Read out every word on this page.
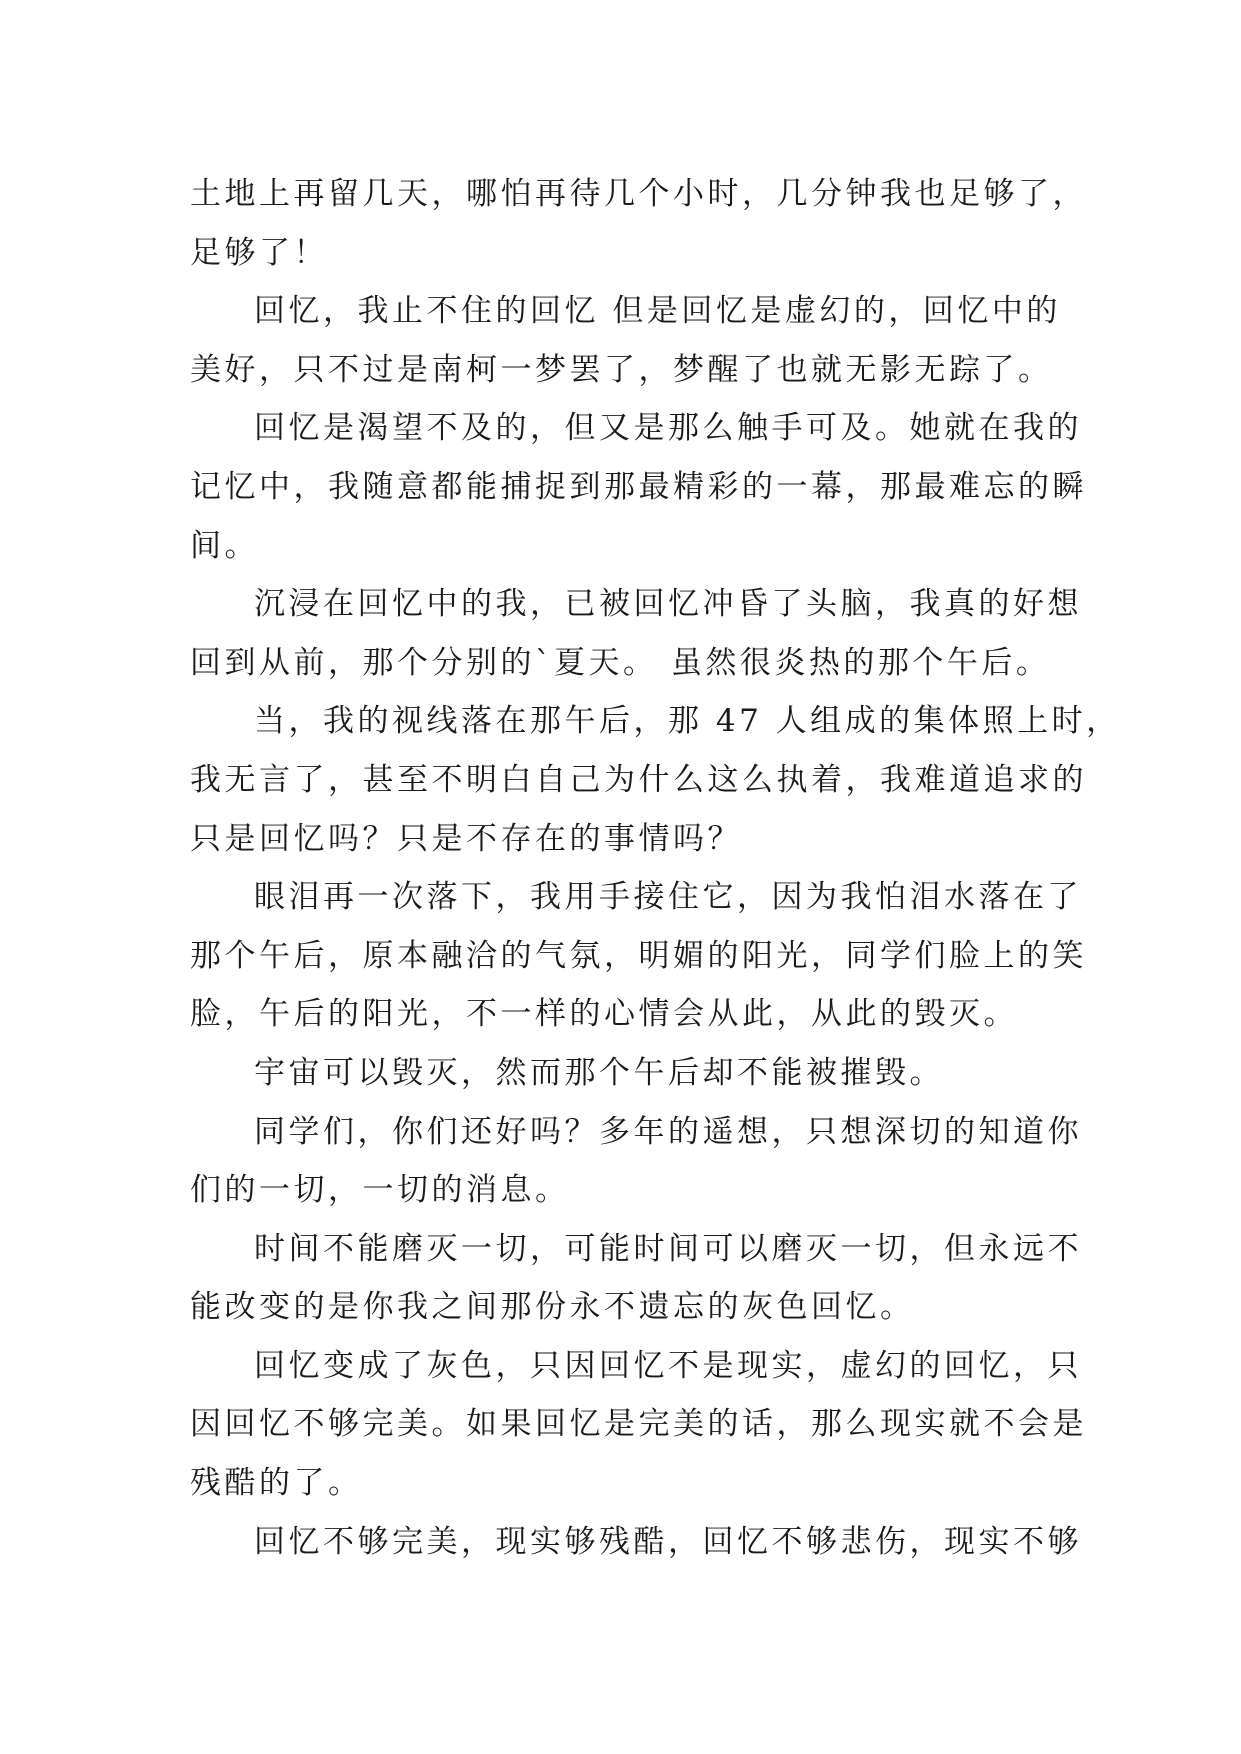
土地上再留几天，哪怕再待几个小时，几分钟我也足够了，
足够了！
回忆，我止不住的回忆 但是回忆是虚幻的，回忆中的
美好，只不过是南柯一梦罢了，梦醒了也就无影无踪了。
回忆是渴望不及的，但又是那么触手可及。她就在我的
记忆中，我随意都能捕捉到那最精彩的一幕，那最难忘的瞬
间。
沉浸在回忆中的我，已被回忆冲昏了头脑，我真的好想
回到从前，那个分别的`夏天。 虽然很炎热的那个午后。
当，我的视线落在那午后，那 47 人组成的集体照上时，
我无言了，甚至不明白自己为什么这么执着，我难道追求的
只是回忆吗？只是不存在的事情吗？
眼泪再一次落下，我用手接住它，因为我怕泪水落在了
那个午后，原本融洽的气氛，明媚的阳光，同学们脸上的笑
脸，午后的阳光，不一样的心情会从此，从此的毁灭。
宇宙可以毁灭，然而那个午后却不能被摧毁。
同学们，你们还好吗？多年的遥想，只想深切的知道你
们的一切，一切的消息。
时间不能磨灭一切，可能时间可以磨灭一切，但永远不
能改变的是你我之间那份永不遗忘的灰色回忆。
回忆变成了灰色，只因回忆不是现实，虚幻的回忆，只
因回忆不够完美。如果回忆是完美的话，那么现实就不会是
残酷的了。
回忆不够完美，现实够残酷，回忆不够悲伤，现实不够
